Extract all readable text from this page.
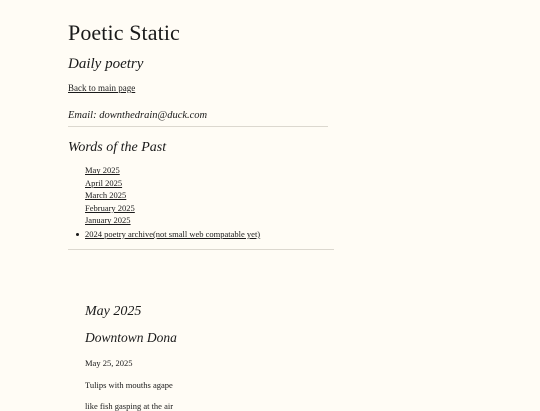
Poetic Static
Daily poetry
Back to main page

Email: downthedrain@duck.com

Words of the Past
May 2025
April 2025
March 2025
February 2025
January 2025
2024 poetry archive(not small web compatable yet)
May 2025
Downtown Dona

May 25, 2025

Tulips with mouths agape

like fish gasping at the air
